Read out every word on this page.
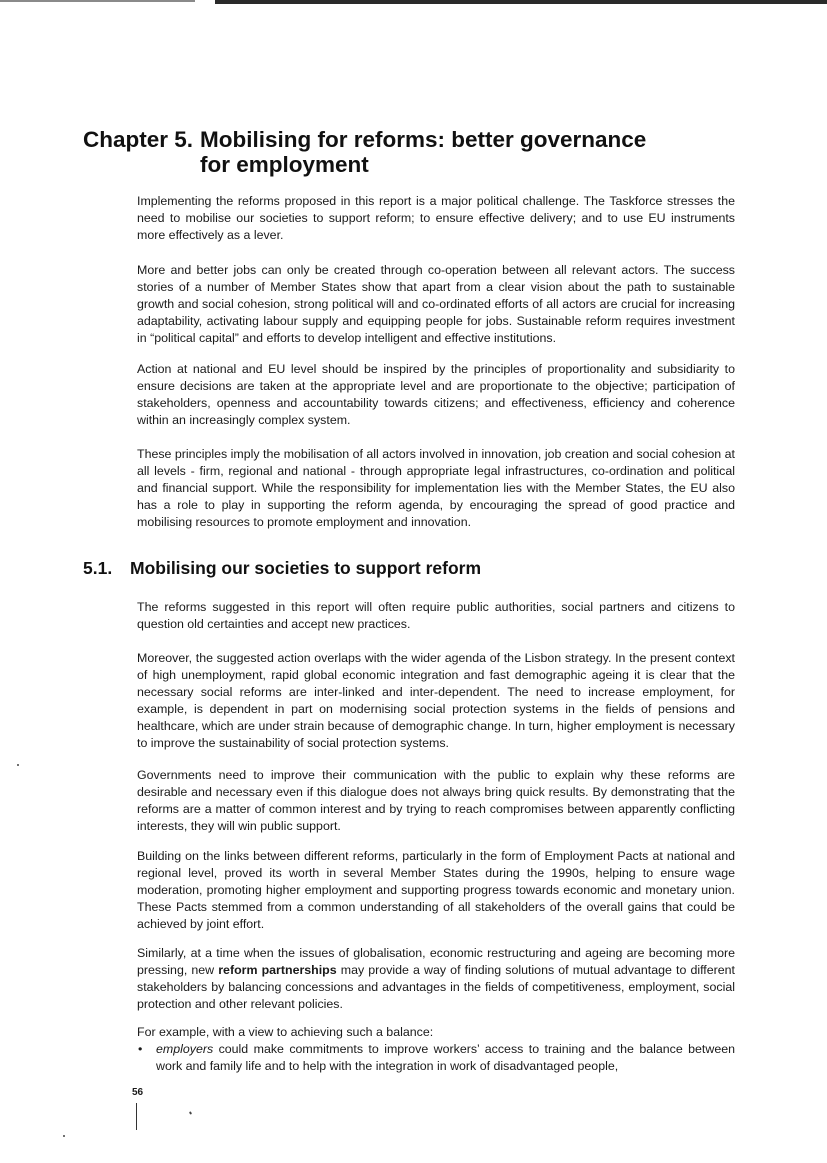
Chapter 5. Mobilising for reforms: better governance
for employment

Implementing the reforms proposed in this report is a major political challenge. The Taskforce stresses the need to mobilise our societies to support reform; to ensure effective delivery; and to use EU instruments more effectively as a lever.

More and better jobs can only be created through co-operation between all relevant actors. The success stories of a number of Member States show that apart from a clear vision about the path to sustainable growth and social cohesion, strong political will and co-ordinated efforts of all actors are crucial for increasing adaptability, activating labour supply and equipping people for jobs. Sustainable reform requires investment in “political capital” and efforts to develop intelligent and effective institutions.

Action at national and EU level should be inspired by the principles of proportionality and subsidiarity to ensure decisions are taken at the appropriate level and are proportionate to the objective; participation of stakeholders, openness and accountability towards citizens; and effectiveness, efficiency and coherence within an increasingly complex system.

These principles imply the mobilisation of all actors involved in innovation, job creation and social cohesion at all levels - firm, regional and national - through appropriate legal infrastructures, co-ordination and political and financial support. While the responsibility for implementation lies with the Member States, the EU also has a role to play in supporting the reform agenda, by encouraging the spread of good practice and mobilising resources to promote employment and innovation.

5.1. Mobilising our societies to support reform

The reforms suggested in this report will often require public authorities, social partners and citizens to question old certainties and accept new practices.

Moreover, the suggested action overlaps with the wider agenda of the Lisbon strategy. In the present context of high unemployment, rapid global economic integration and fast demographic ageing it is clear that the necessary social reforms are inter-linked and inter-dependent. The need to increase employment, for example, is dependent in part on modernising social protection systems in the fields of pensions and healthcare, which are under strain because of demographic change. In turn, higher employment is necessary to improve the sustainability of social protection systems.

Governments need to improve their communication with the public to explain why these reforms are desirable and necessary even if this dialogue does not always bring quick results. By demonstrating that the reforms are a matter of common interest and by trying to reach compromises between apparently conflicting interests, they will win public support.

Building on the links between different reforms, particularly in the form of Employment Pacts at national and regional level, proved its worth in several Member States during the 1990s, helping to ensure wage moderation, promoting higher employment and supporting progress towards economic and monetary union. These Pacts stemmed from a common understanding of all stakeholders of the overall gains that could be achieved by joint effort.

Similarly, at a time when the issues of globalisation, economic restructuring and ageing are becoming more pressing, new reform partnerships may provide a way of finding solutions of mutual advantage to different stakeholders by balancing concessions and advantages in the fields of competitiveness, employment, social protection and other relevant policies.

For example, with a view to achieving such a balance:

• employers could make commitments to improve workers’ access to training and the balance between work and family life and to help with the integration in work of disadvantaged people,
56
